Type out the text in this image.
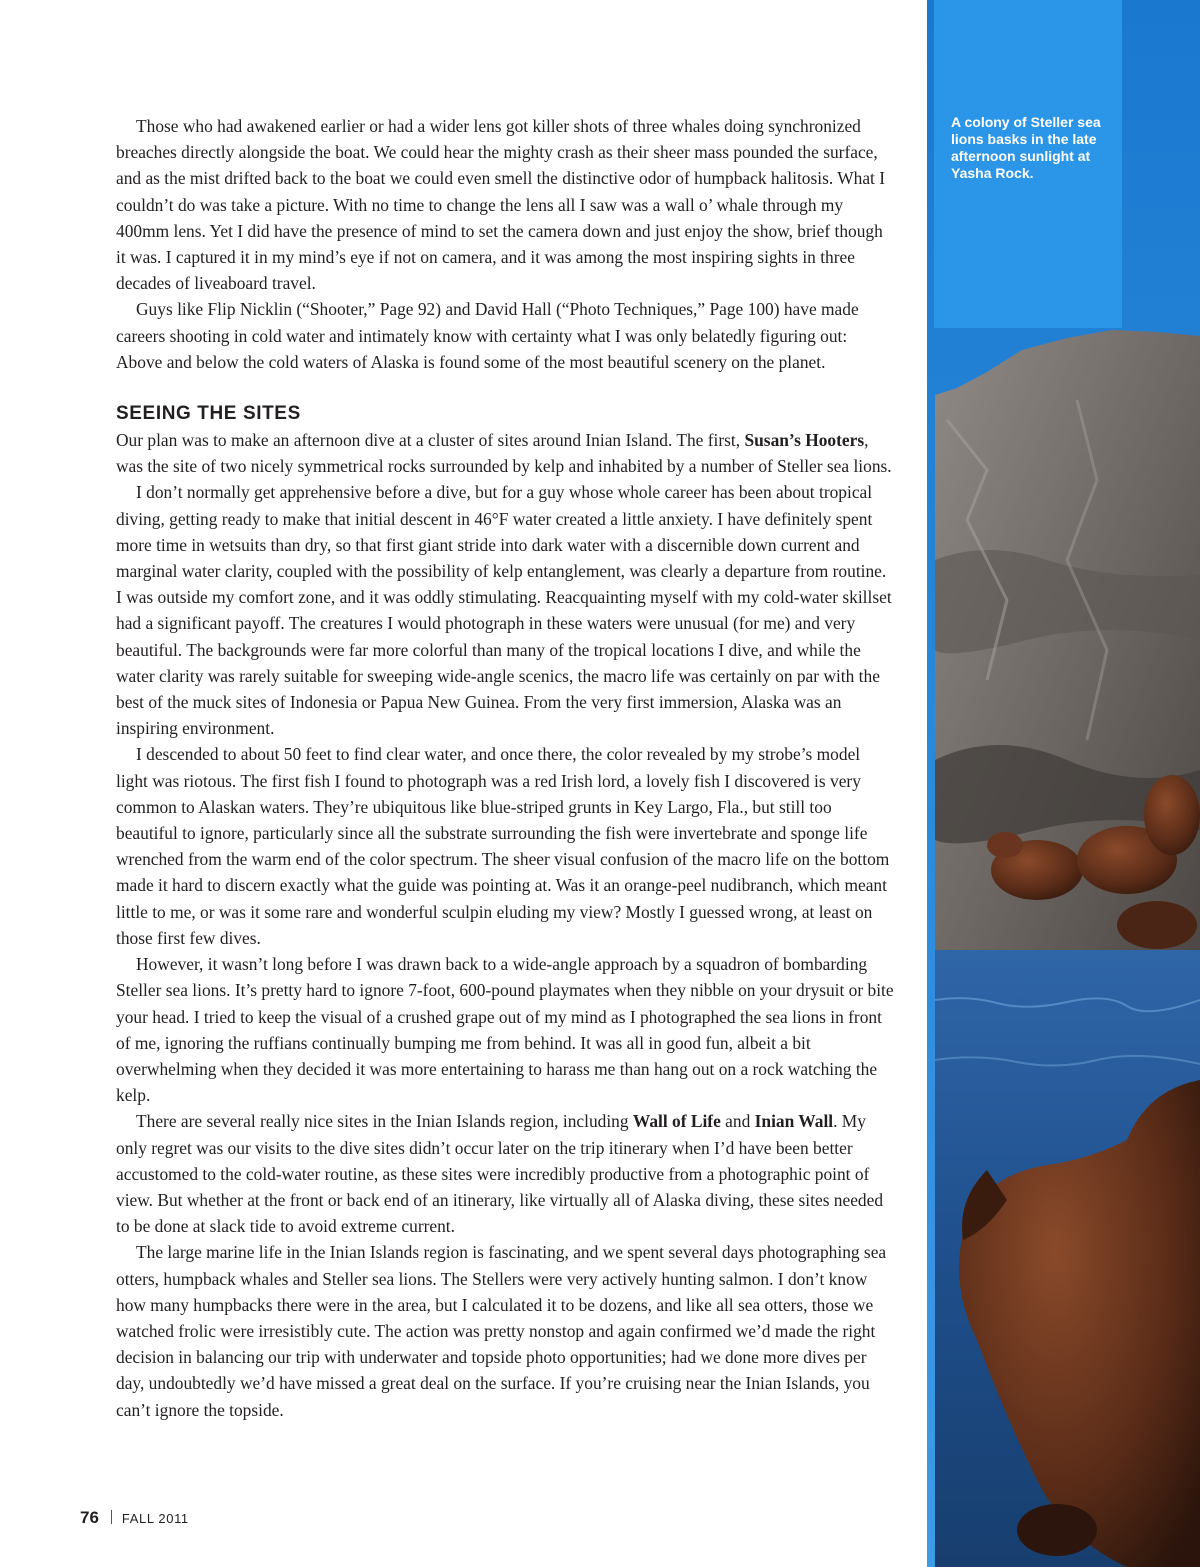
A colony of Steller sea lions basks in the late afternoon sunlight at Yasha Rock.

Those who had awakened earlier or had a wider lens got killer shots of three whales doing synchronized breaches directly alongside the boat. We could hear the mighty crash as their sheer mass pounded the surface, and as the mist drifted back to the boat we could even smell the distinctive odor of humpback halitosis. What I couldn’t do was take a picture. With no time to change the lens all I saw was a wall o’ whale through my 400mm lens. Yet I did have the presence of mind to set the camera down and just enjoy the show, brief though it was. I captured it in my mind’s eye if not on camera, and it was among the most inspiring sights in three decades of liveaboard travel.

Guys like Flip Nicklin (“Shooter,” Page 92) and David Hall (“Photo Techniques,” Page 100) have made careers shooting in cold water and intimately know with certainty what I was only belatedly figuring out: Above and below the cold waters of Alaska is found some of the most beautiful scenery on the planet.

SEEING THE SITES

Our plan was to make an afternoon dive at a cluster of sites around Inian Island. The first, Susan’s Hooters, was the site of two nicely symmetrical rocks surrounded by kelp and inhabited by a number of Steller sea lions.

I don’t normally get apprehensive before a dive, but for a guy whose whole career has been about tropical diving, getting ready to make that initial descent in 46°F water created a little anxiety. I have definitely spent more time in wetsuits than dry, so that first giant stride into dark water with a discernible down current and marginal water clarity, coupled with the possibility of kelp entanglement, was clearly a departure from routine. I was outside my comfort zone, and it was oddly stimulating. Reacquainting myself with my cold-water skillset had a significant payoff. The creatures I would photograph in these waters were unusual (for me) and very beautiful. The backgrounds were far more colorful than many of the tropical locations I dive, and while the water clarity was rarely suitable for sweeping wide-angle scenics, the macro life was certainly on par with the best of the muck sites of Indonesia or Papua New Guinea. From the very first immersion, Alaska was an inspiring environment.

I descended to about 50 feet to find clear water, and once there, the color revealed by my strobe’s model light was riotous. The first fish I found to photograph was a red Irish lord, a lovely fish I discovered is very common to Alaskan waters. They’re ubiquitous like blue-striped grunts in Key Largo, Fla., but still too beautiful to ignore, particularly since all the substrate surrounding the fish were invertebrate and sponge life wrenched from the warm end of the color spectrum. The sheer visual confusion of the macro life on the bottom made it hard to discern exactly what the guide was pointing at. Was it an orange-peel nudibranch, which meant little to me, or was it some rare and wonderful sculpin eluding my view? Mostly I guessed wrong, at least on those first few dives.

However, it wasn’t long before I was drawn back to a wide-angle approach by a squadron of bombarding Steller sea lions. It’s pretty hard to ignore 7-foot, 600-pound playmates when they nibble on your drysuit or bite your head. I tried to keep the visual of a crushed grape out of my mind as I photographed the sea lions in front of me, ignoring the ruffians continually bumping me from behind. It was all in good fun, albeit a bit overwhelming when they decided it was more entertaining to harass me than hang out on a rock watching the kelp.

There are several really nice sites in the Inian Islands region, including Wall of Life and Inian Wall. My only regret was our visits to the dive sites didn’t occur later on the trip itinerary when I’d have been better accustomed to the cold-water routine, as these sites were incredibly productive from a photographic point of view. But whether at the front or back end of an itinerary, like virtually all of Alaska diving, these sites needed to be done at slack tide to avoid extreme current.

The large marine life in the Inian Islands region is fascinating, and we spent several days photographing sea otters, humpback whales and Steller sea lions. The Stellers were very actively hunting salmon. I don’t know how many humpbacks there were in the area, but I calculated it to be dozens, and like all sea otters, those we watched frolic were irresistibly cute. The action was pretty nonstop and again confirmed we’d made the right decision in balancing our trip with underwater and topside photo opportunities; had we done more dives per day, undoubtedly we’d have missed a great deal on the surface. If you’re cruising near the Inian Islands, you can’t ignore the topside.

76 FALL 2011
